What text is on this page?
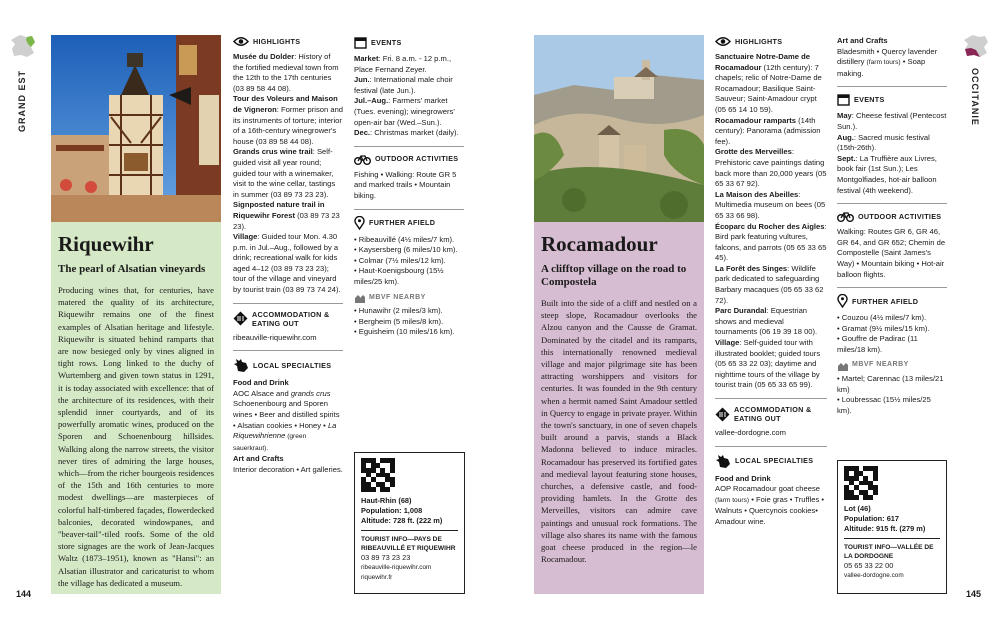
GRAND EST
Riquewihr
The pearl of Alsatian vineyards

Producing wines that, for centuries, have matered the quality of its architecture, Riquewihr remains one of the finest examples of Alsatian heritage and lifestyle. Riquewihr is situated behind ramparts that are now besieged only by vines aligned in tight rows. Long linked to the duchy of Wurtemberg and given town status in 1291, it is today associated with excellence: that of the architecture of its residences, with their splendid inner courtyards, and of its powerfully aromatic wines, produced on the Sporen and Schoenenbourg hillsides. Walking along the narrow streets, the visitor never tires of admiring the large houses, which—from the richer bourgeois residences of the 15th and 16th centuries to more modest dwellings—are masterpieces of colorful half-timbered façades, flowerdecked balconies, decorated windowpanes, and "beaver-tail"-tiled roofs. Some of the old store signages are the work of Jean-Jacques Waltz (1873–1951), known as "Hansi": an Alsatian illustrator and caricaturist to whom the village has dedicated a museum.

144
HIGHLIGHTS
Musée du Dolder: History of the fortified medieval town from the 12th to the 17th centuries (03 89 58 44 08).
Tour des Voleurs and Maison de Vigneron: Former prison and its instruments of torture; interior of a 16th-century winegrower's house (03 89 58 44 08).
Grands crus wine trail: Self-guided visit all year round; guided tour with a winemaker, visit to the wine cellar, tastings in summer (03 89 73 23 23).
Signposted nature trail in Riquewihr Forest (03 89 73 23 23).
Village: Guided tour Mon. 4.30 p.m. in Jul.–Aug., followed by a drink; recreational walk for kids aged 4–12 (03 89 73 23 23); tour of the village and vineyard by tourist train (03 89 73 74 24).
ACCOMMODATION & EATING OUT
ribeauville-riquewihr.com
LOCAL SPECIALTIES
Food and Drink
AOC Alsace and grands crus Schoenenbourg and Sporen wines • Beer and distilled spirits • Alsatian cookies • Honey • La Riquewihrienne (green sauerkraut).
Art and Crafts
Interior decoration • Art galleries.
EVENTS
Market: Fri. 8 a.m. - 12 p.m., Place Fernand Zeyer.
Jun.: International male choir festival (late Jun.).
Jul.–Aug.: Farmers' market (Tues. evening); winegrowers' open-air bar (Wed.–Sun.).
Dec.: Christmas market (daily).
OUTDOOR ACTIVITIES
Fishing • Walking: Route GR 5 and marked trails • Mountain biking.
FURTHER AFIELD
• Ribeauvillé (4½ miles/7 km).
• Kaysersberg (6 miles/10 km).
• Colmar (7½ miles/12 km).
• Haut-Koenigsbourg (15½ miles/25 km).
MBVF NEARBY
• Hunawihr (2 miles/3 km).
• Bergheim (5 miles/8 km).
• Eguisheim (10 miles/16 km).
Haut-Rhin (68)
Population: 1,008
Altitude: 728 ft. (222 m)
TOURIST INFO—PAYS DE RIBEAUVILLÉ ET RIQUEWIHR
03 89 73 23 23
ribeauville-riquewihr.com
riquewihr.fr
Rocamadour
A clifftop village on the road to Compostela

Built into the side of a cliff and nestled on a steep slope, Rocamadour overlooks the Alzou canyon and the Causse de Gramat. Dominated by the citadel and its ramparts, this internationally renowned medieval village and major pilgrimage site has been attracting worshippers and visitors for centuries. It was founded in the 9th century when a hermit named Saint Amadour settled in Quercy to engage in private prayer. Within the town's sanctuary, in one of seven chapels built around a parvis, stands a Black Madonna believed to induce miracles. Rocamadour has preserved its fortified gates and medieval layout featuring stone houses, churches, a defensive castle, and food-providing hamlets. In the Grotte des Merveilles, visitors can admire cave paintings and unusual rock formations. The village also shares its name with the famous goat cheese produced in the region—le Rocamadour.

HIGHLIGHTS
Sanctuaire Notre-Dame de Rocamadour (12th century): 7 chapels; relic of Notre-Dame de Rocamadour; Basilique Saint-Sauveur; Saint-Amadour crypt (05 65 14 10 59).
Rocamadour ramparts (14th century): Panorama (admission fee).
Grotte des Merveilles: Prehistoric cave paintings dating back more than 20,000 years (05 65 33 67 92).
La Maison des Abeilles: Multimedia museum on bees (05 65 33 66 98).
Écoparc du Rocher des Aigles: Bird park featuring vultures, falcons, and parrots (05 65 33 65 45).
La Forêt des Singes: Wildlife park dedicated to safeguarding Barbary macaques (05 65 33 62 72).
Parc Durandal: Equestrian shows and medieval tournaments (06 19 39 18 00).
Village: Self-guided tour with illustrated booklet; guided tours (05 65 33 22 03); daytime and nighttime tours of the village by tourist train (05 65 33 65 99).
ACCOMMODATION & EATING OUT
vallee-dordogne.com
LOCAL SPECIALTIES
Food and Drink
AOP Rocamadour goat cheese (farm tours) • Foie gras • Truffles • Walnuts • Quercynois cookies• Amadour wine.
Art and Crafts
Bladesmith • Quercy lavender distillery (farm tours) • Soap making.
EVENTS
May: Cheese festival (Pentecost Sun.).
Aug.: Sacred music festival (15th-26th).
Sept.: La Truffière aux Livres, book fair (1st Sun.); Les Montgolfiades, hot-air balloon festival (4th weekend).
OUTDOOR ACTIVITIES
Walking: Routes GR 6, GR 46, GR 64, and GR 652; Chemin de Compostelle (Saint James's Way) • Mountain biking • Hot-air balloon flights.
FURTHER AFIELD
• Couzou (4½ miles/7 km).
• Gramat (9½ miles/15 km).
• Gouffre de Padirac (11 miles/18 km).
MBVF NEARBY
• Martel; Carennac (13 miles/21 km)
• Loubressac (15½ miles/25 km).
Lot (46)
Population: 617
Altitude: 915 ft. (279 m)
TOURIST INFO—VALLÉE DE LA DORDOGNE
05 65 33 22 00
vallee-dordogne.com
OCCITANIE
145
